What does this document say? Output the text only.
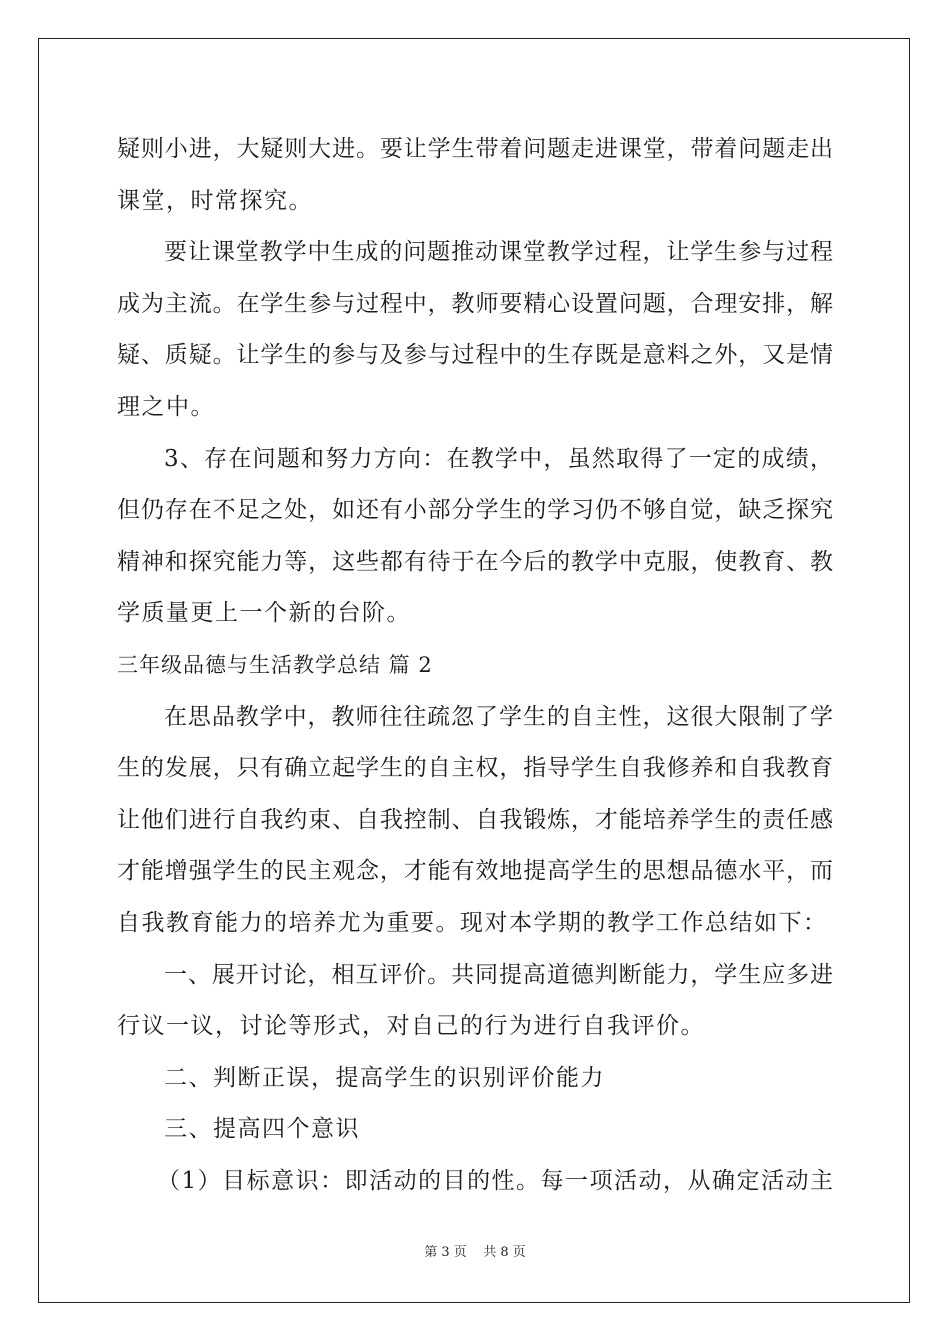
疑则小进，大疑则大进。要让学生带着问题走进课堂，带着问题走出
课堂，时常探究。
要让课堂教学中生成的问题推动课堂教学过程，让学生参与过程
成为主流。在学生参与过程中，教师要精心设置问题，合理安排，解
疑、质疑。让学生的参与及参与过程中的生存既是意料之外，又是情
理之中。
3、存在问题和努力方向：在教学中，虽然取得了一定的成绩，
但仍存在不足之处，如还有小部分学生的学习仍不够自觉，缺乏探究
精神和探究能力等，这些都有待于在今后的教学中克服，使教育、教
学质量更上一个新的台阶。
三年级品德与生活教学总结 篇 2
在思品教学中，教师往往疏忽了学生的自主性，这很大限制了学
生的发展，只有确立起学生的自主权，指导学生自我修养和自我教育
让他们进行自我约束、自我控制、自我锻炼，才能培养学生的责任感
才能增强学生的民主观念，才能有效地提高学生的思想品德水平，而
自我教育能力的培养尤为重要。现对本学期的教学工作总结如下：
一、展开讨论，相互评价。共同提高道德判断能力，学生应多进
行议一议，讨论等形式，对自己的行为进行自我评价。
二、判断正误，提高学生的识别评价能力
三、提高四个意识
（1）目标意识：即活动的目的性。每一项活动，从确定活动主
第 3 页    共 8 页
